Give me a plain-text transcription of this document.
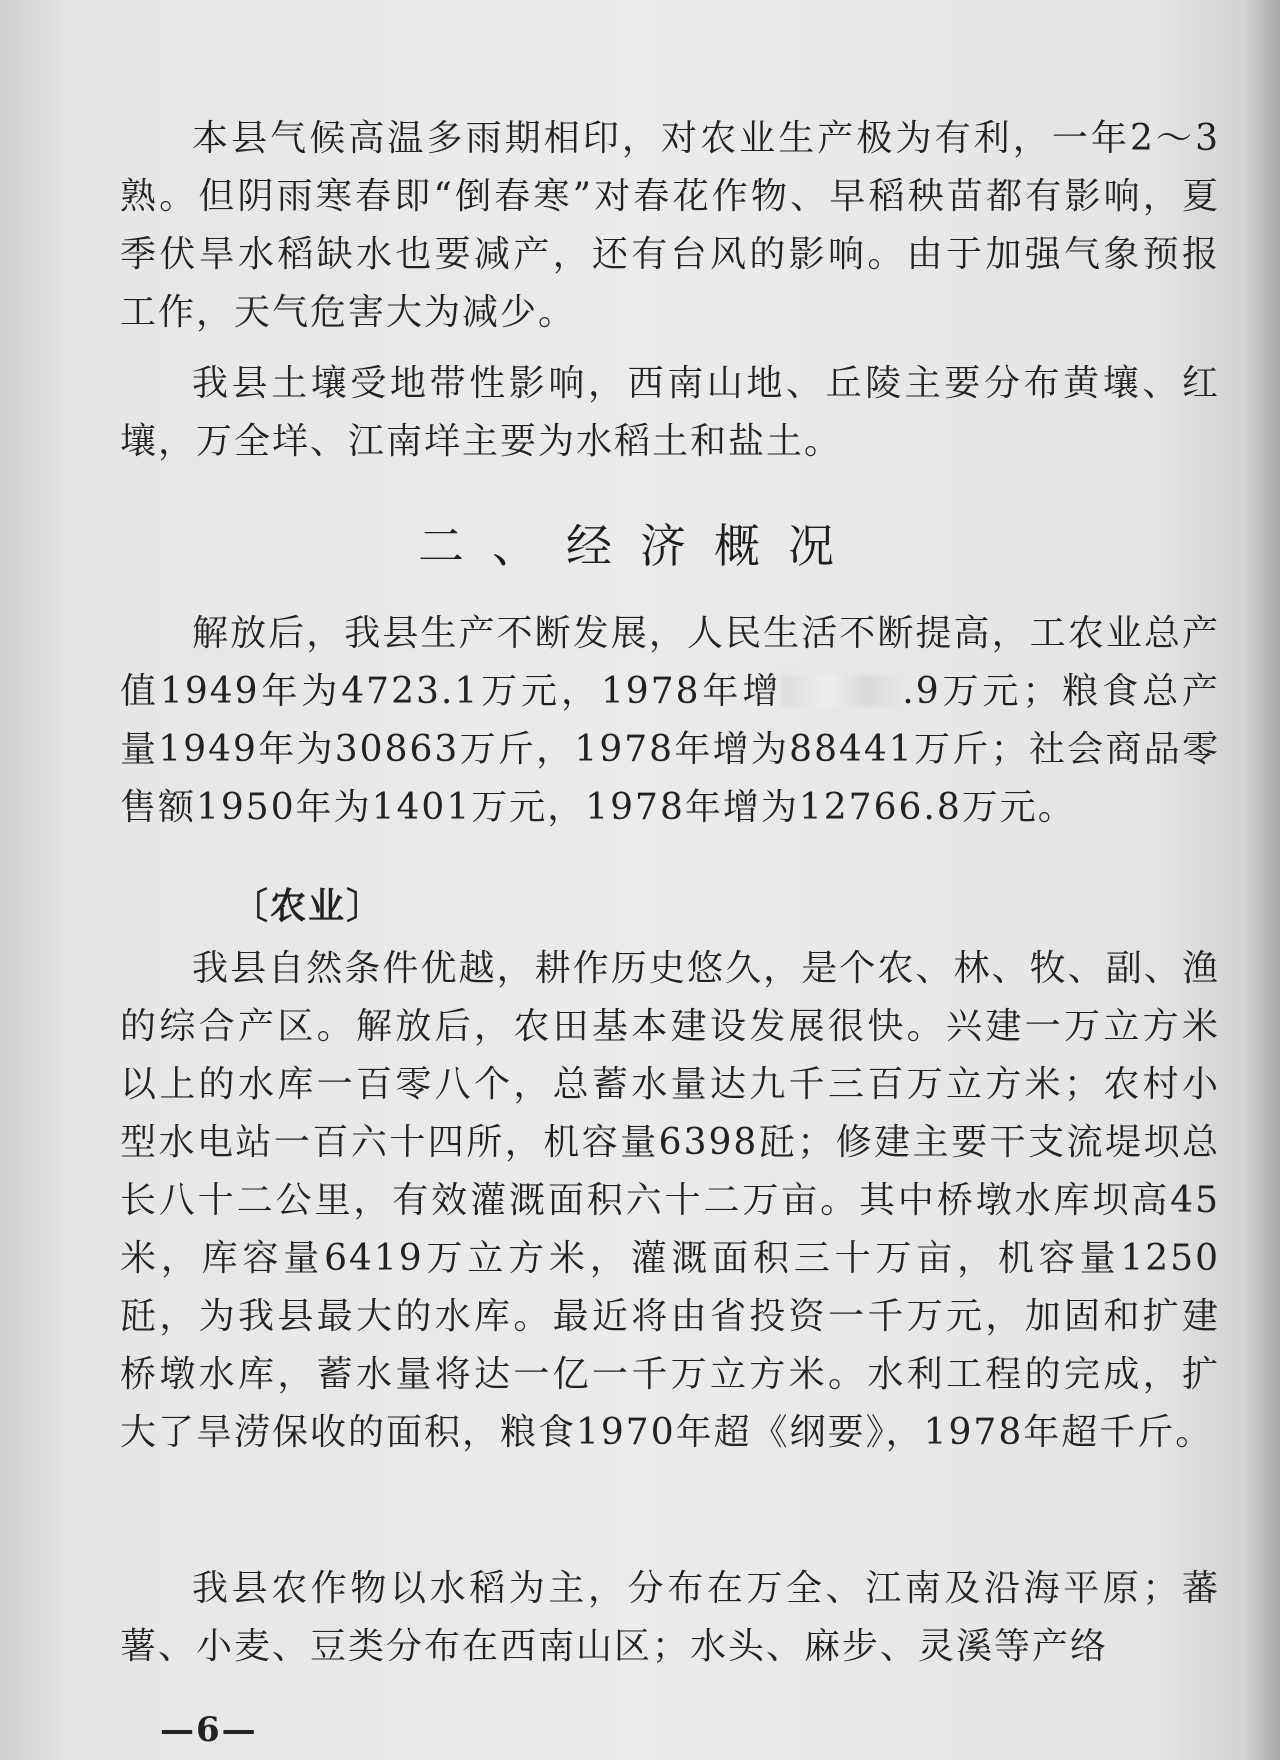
本县气候高温多雨期相印，对农业生产极为有利，一年2～3熟。但阴雨寒春即“倒春寒”对春花作物、早稻秧苗都有影响，夏季伏旱水稻缺水也要减产，还有台风的影响。由于加强气象预报工作，天气危害大为减少。

我县土壤受地带性影响，西南山地、丘陵主要分布黄壤、红壤，万全垟、江南垟主要为水稻土和盐土。

二、经济概况

解放后，我县生产不断发展，人民生活不断提高，工农业总产值1949年为4723.1万元，1978年增	.9万元；粮食总产量1949年为30863万斤，1978年增为88441万斤；社会商品零售额1950年为1401万元，1978年增为12766.8万元。

〔农业〕

我县自然条件优越，耕作历史悠久，是个农、林、牧、副、渔的综合产区。解放后，农田基本建设发展很快。兴建一万立方米以上的水库一百零八个，总蓄水量达九千三百万立方米；农村小型水电站一百六十四所，机容量6398瓩；修建主要干支流堤坝总长八十二公里，有效灌溉面积六十二万亩。其中桥墩水库坝高45米，库容量6419万立方米，灌溉面积三十万亩，机容量1250瓩，为我县最大的水库。最近将由省投资一千万元，加固和扩建桥墩水库，蓄水量将达一亿一千万立方米。水利工程的完成，扩大了旱涝保收的面积，粮食1970年超《纲要》，1978年超千斤。

我县农作物以水稻为主，分布在万全、江南及沿海平原；蕃薯、小麦、豆类分布在西南山区；水头、麻步、灵溪等产络

—6—
